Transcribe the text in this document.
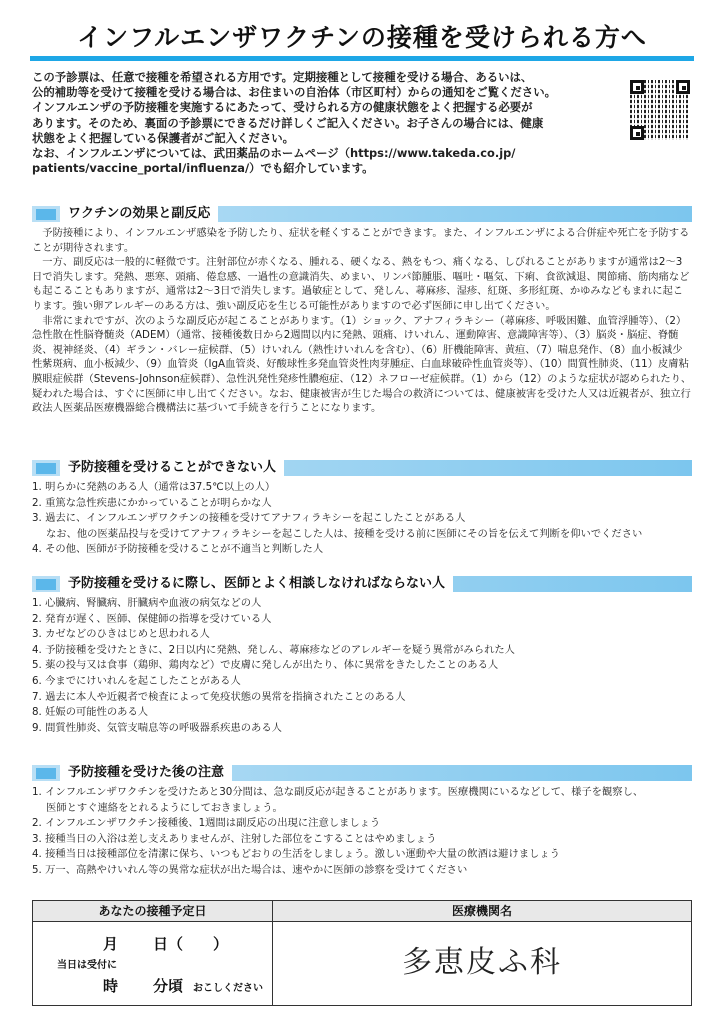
インフルエンザワクチンの接種を受けられる方へ

この予診票は、任意で接種を希望される方用です。定期接種として接種を受ける場合、あるいは、

公的補助等を受けて接種を受ける場合は、お住まいの自治体（市区町村）からの通知をご覧ください。

インフルエンザの予防接種を実施するにあたって、受けられる方の健康状態をよく把握する必要が

あります。そのため、裏面の予診票にできるだけ詳しくご記入ください。お子さんの場合には、健康

状態をよく把握している保護者がご記入ください。

なお、インフルエンザについては、武田薬品のホームページ（https://www.takeda.co.jp/

patients/vaccine_portal/influenza/）でも紹介しています。

ワクチンの効果と副反応

予防接種により、インフルエンザ感染を予防したり、症状を軽くすることができます。また、インフルエンザによる合併症や死亡を予防することが期待されます。

一方、副反応は一般的に軽微です。注射部位が赤くなる、腫れる、硬くなる、熱をもつ、痛くなる、しびれることがありますが通常は2〜3日で消失します。発熱、悪寒、頭痛、倦怠感、一過性の意識消失、めまい、リンパ節腫脹、嘔吐・嘔気、下痢、食欲減退、関節痛、筋肉痛なども起こることもありますが、通常は2〜3日で消失します。過敏症として、発しん、蕁麻疹、湿疹、紅斑、多形紅斑、かゆみなどもまれに起こります。強い卵アレルギーのある方は、強い副反応を生じる可能性がありますので必ず医師に申し出てください。

非常にまれですが、次のような副反応が起こることがあります。（1）ショック、アナフィラキシー（蕁麻疹、呼吸困難、血管浮腫等）、（2）急性散在性脳脊髄炎（ADEM）（通常、接種後数日から2週間以内に発熱、頭痛、けいれん、運動障害、意識障害等）、（3）脳炎・脳症、脊髄炎、視神経炎、（4）ギラン・バレー症候群、（5）けいれん（熱性けいれんを含む）、（6）肝機能障害、黄疸、（7）喘息発作、（8）血小板減少性紫斑病、血小板減少、（9）血管炎（IgA血管炎、好酸球性多発血管炎性肉芽腫症、白血球破砕性血管炎等）、（10）間質性肺炎、（11）皮膚粘膜眼症候群（Stevens-Johnson症候群）、急性汎発性発疹性膿疱症、（12）ネフローゼ症候群。（1）から（12）のような症状が認められたり、疑われた場合は、すぐに医師に申し出てください。なお、健康被害が生じた場合の救済については、健康被害を受けた人又は近親者が、独立行政法人医薬品医療機器総合機構法に基づいて手続きを行うことになります。

予防接種を受けることができない人
1. 明らかに発熱のある人（通常は37.5℃以上の人）
2. 重篤な急性疾患にかかっていることが明らかな人
3. 過去に、インフルエンザワクチンの接種を受けてアナフィラキシーを起こしたことがある人
なお、他の医薬品投与を受けてアナフィラキシーを起こした人は、接種を受ける前に医師にその旨を伝えて判断を仰いでください
4. その他、医師が予防接種を受けることが不適当と判断した人
予防接種を受けるに際し、医師とよく相談しなければならない人
1. 心臓病、腎臓病、肝臓病や血液の病気などの人
2. 発育が遅く、医師、保健師の指導を受けている人
3. カゼなどのひきはじめと思われる人
4. 予防接種を受けたときに、2日以内に発熱、発しん、蕁麻疹などのアレルギーを疑う異常がみられた人
5. 薬の投与又は食事（鶏卵、鶏肉など）で皮膚に発しんが出たり、体に異常をきたしたことのある人
6. 今までにけいれんを起こしたことがある人
7. 過去に本人や近親者で検査によって免疫状態の異常を指摘されたことのある人
8. 妊娠の可能性のある人
9. 間質性肺炎、気管支喘息等の呼吸器系疾患のある人
予防接種を受けた後の注意
1. インフルエンザワクチンを受けたあと30分間は、急な副反応が起きることがあります。医療機関にいるなどして、様子を観察し、
医師とすぐ連絡をとれるようにしておきましょう。
2. インフルエンザワクチン接種後、1週間は副反応の出現に注意しましょう
3. 接種当日の入浴は差し支えありませんが、注射した部位をこすることはやめましょう
4. 接種当日は接種部位を清潔に保ち、いつもどおりの生活をしましょう。激しい運動や大量の飲酒は避けましょう
5. 万一、高熱やけいれん等の異常な症状が出た場合は、速やかに医師の診察を受けてください
あなたの接種予定日
月 日（　　）
当日は受付に
時 分頃 おこしください
医療機関名
多恵皮ふ科
